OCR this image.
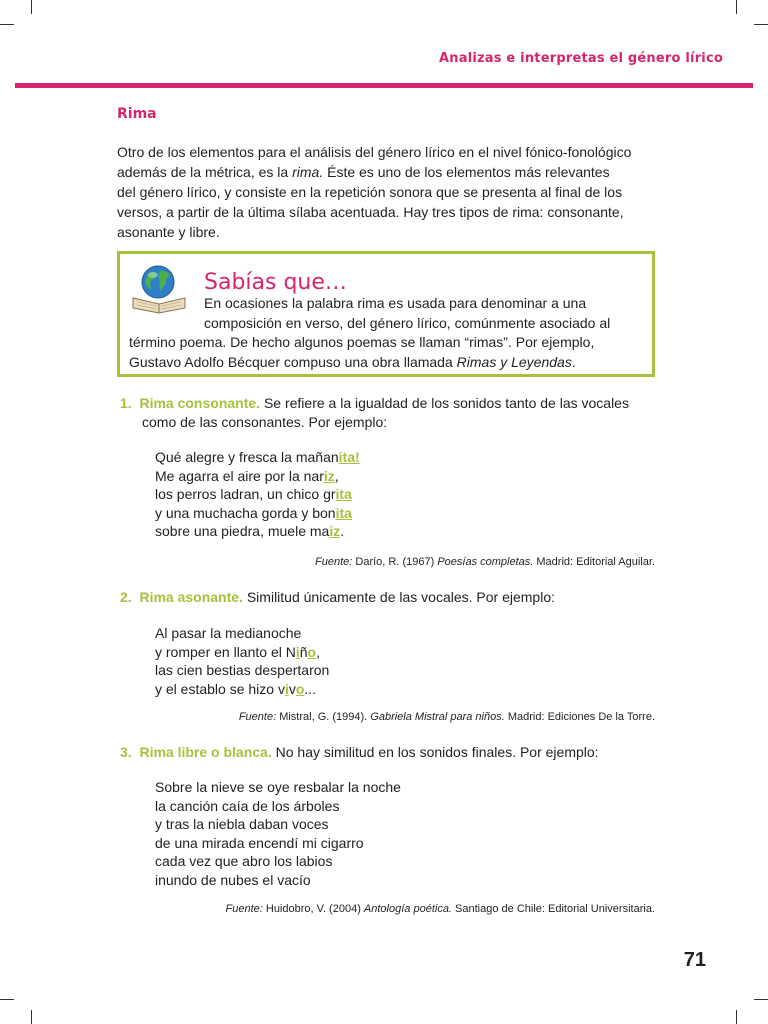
Analizas e interpretas el género lírico
Rima
Otro de los elementos para el análisis del género lírico en el nivel fónico-fonológico
además de la métrica, es la rima. Éste es uno de los elementos más relevantes
del género lírico, y consiste en la repetición sonora que se presenta al final de los
versos, a partir de la última sílaba acentuada. Hay tres tipos de rima: consonante,
asonante y libre.
Sabías que…
En ocasiones la palabra rima es usada para denominar a una
composición en verso, del género lírico, comúnmente asociado al
término poema. De hecho algunos poemas se llaman “rimas”. Por ejemplo,
Gustavo Adolfo Bécquer compuso una obra llamada Rimas y Leyendas.
1. Rima consonante. Se refiere a la igualdad de los sonidos tanto de las vocales
como de las consonantes. Por ejemplo:
Qué alegre y fresca la mañanita!
Me agarra el aire por la nariz,
los perros ladran, un chico grita
y una muchacha gorda y bonita
sobre una piedra, muele maiz.
Fuente: Darío, R. (1967) Poesías completas. Madrid: Editorial Aguilar.
2. Rima asonante. Similitud únicamente de las vocales. Por ejemplo:
Al pasar la medianoche
y romper en llanto el Niño,
las cien bestias despertaron
y el establo se hizo vivo...
Fuente: Mistral, G. (1994). Gabriela Mistral para niños. Madrid: Ediciones De la Torre.
3. Rima libre o blanca. No hay similitud en los sonidos finales. Por ejemplo:
Sobre la nieve se oye resbalar la noche
la canción caía de los árboles
y tras la niebla daban voces
de una mirada encendí mi cigarro
cada vez que abro los labios
inundo de nubes el vacío
Fuente: Huidobro, V. (2004) Antología poética. Santiago de Chile: Editorial Universitaria.
71
